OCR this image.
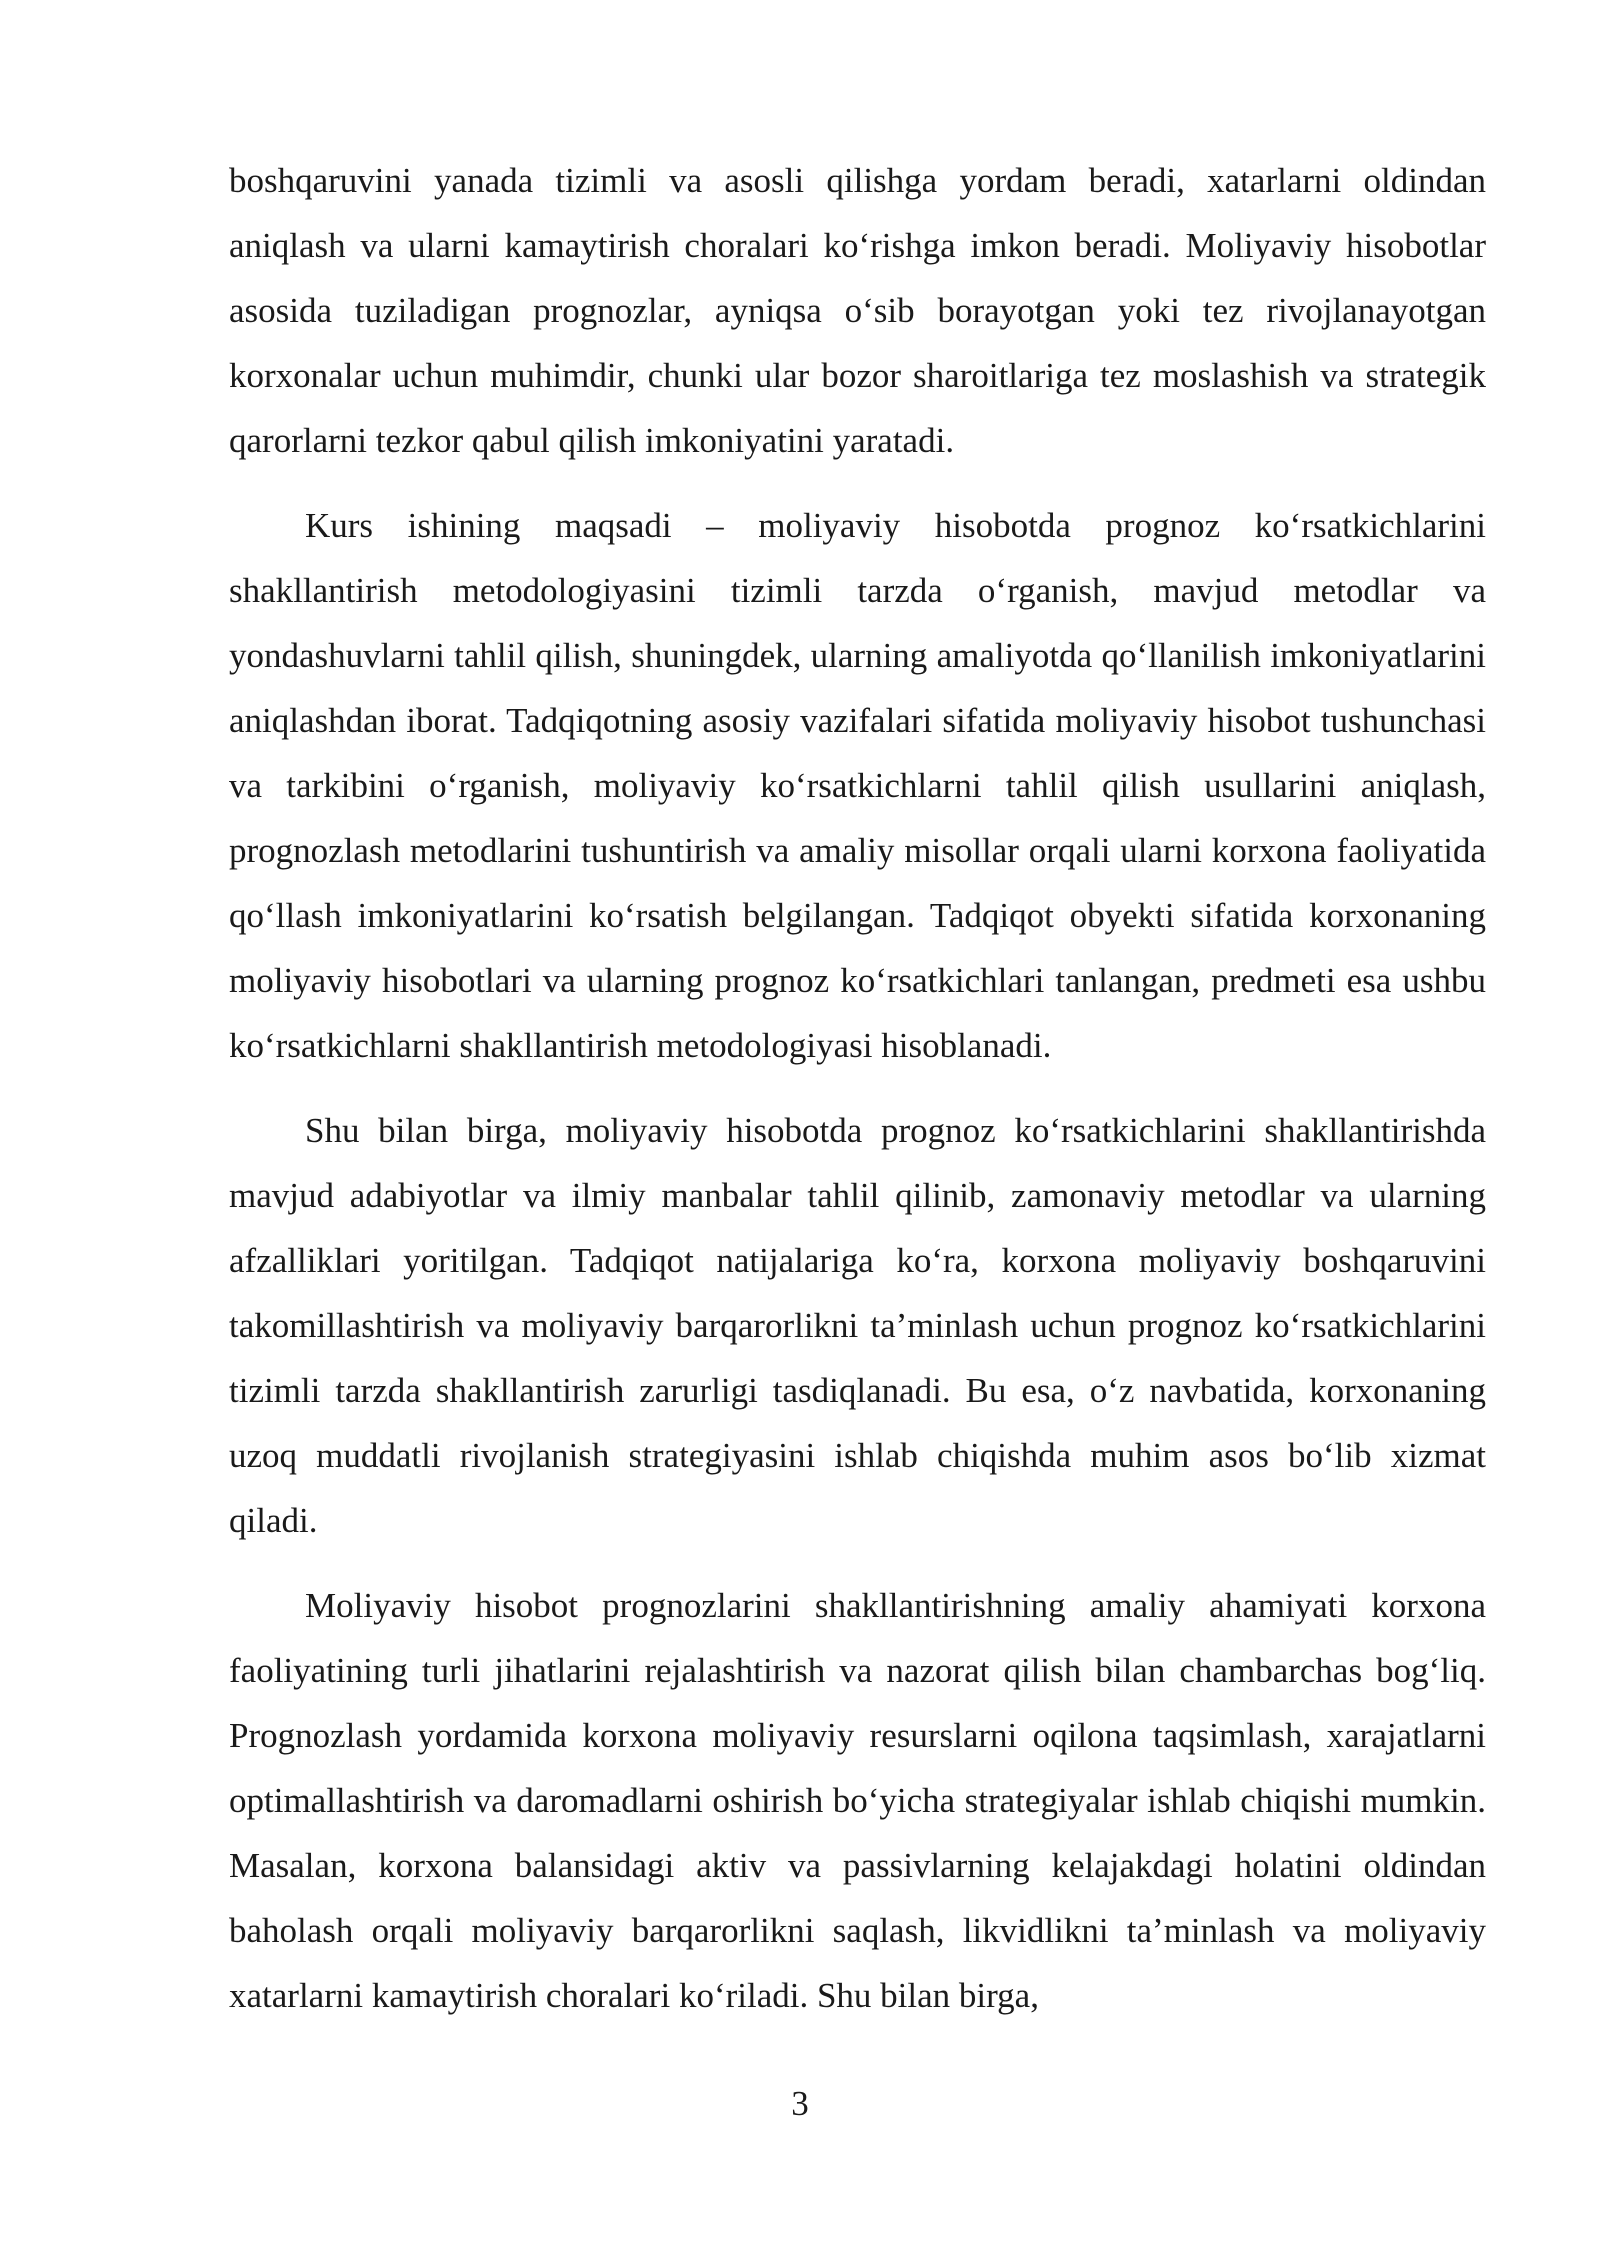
boshqaruvini yanada tizimli va asosli qilishga yordam beradi, xatarlarni oldindan aniqlash va ularni kamaytirish choralari ko‘rishga imkon beradi. Moliyaviy hisobotlar asosida tuziladigan prognozlar, ayniqsa o‘sib borayotgan yoki tez rivojlanayotgan korxonalar uchun muhimdir, chunki ular bozor sharoitlariga tez moslashish va strategik qarorlarni tezkor qabul qilish imkoniyatini yaratadi.

Kurs ishining maqsadi – moliyaviy hisobotda prognoz ko‘rsatkichlarini shakllantirish metodologiyasini tizimli tarzda o‘rganish, mavjud metodlar va yondashuvlarni tahlil qilish, shuningdek, ularning amaliyotda qo‘llanilish imkoniyatlarini aniqlashdan iborat. Tadqiqotning asosiy vazifalari sifatida moliyaviy hisobot tushunchasi va tarkibini o‘rganish, moliyaviy ko‘rsatkichlarni tahlil qilish usullarini aniqlash, prognozlash metodlarini tushuntirish va amaliy misollar orqali ularni korxona faoliyatida qo‘llash imkoniyatlarini ko‘rsatish belgilangan. Tadqiqot obyekti sifatida korxonaning moliyaviy hisobotlari va ularning prognoz ko‘rsatkichlari tanlangan, predmeti esa ushbu ko‘rsatkichlarni shakllantirish metodologiyasi hisoblanadi.

Shu bilan birga, moliyaviy hisobotda prognoz ko‘rsatkichlarini shakllantirishda mavjud adabiyotlar va ilmiy manbalar tahlil qilinib, zamonaviy metodlar va ularning afzalliklari yoritilgan. Tadqiqot natijalariga ko‘ra, korxona moliyaviy boshqaruvini takomillashtirish va moliyaviy barqarorlikni ta’minlash uchun prognoz ko‘rsatkichlarini tizimli tarzda shakllantirish zarurligi tasdiqlanadi. Bu esa, o‘z navbatida, korxonaning uzoq muddatli rivojlanish strategiyasini ishlab chiqishda muhim asos bo‘lib xizmat qiladi.

Moliyaviy hisobot prognozlarini shakllantirishning amaliy ahamiyati korxona faoliyatining turli jihatlarini rejalashtirish va nazorat qilish bilan chambarchas bog‘liq. Prognozlash yordamida korxona moliyaviy resurslarni oqilona taqsimlash, xarajatlarni optimallashtirish va daromadlarni oshirish bo‘yicha strategiyalar ishlab chiqishi mumkin. Masalan, korxona balansidagi aktiv va passivlarning kelajakdagi holatini oldindan baholash orqali moliyaviy barqarorlikni saqlash, likvidlikni ta’minlash va moliyaviy xatarlarni kamaytirish choralari ko‘riladi. Shu bilan birga,

3
